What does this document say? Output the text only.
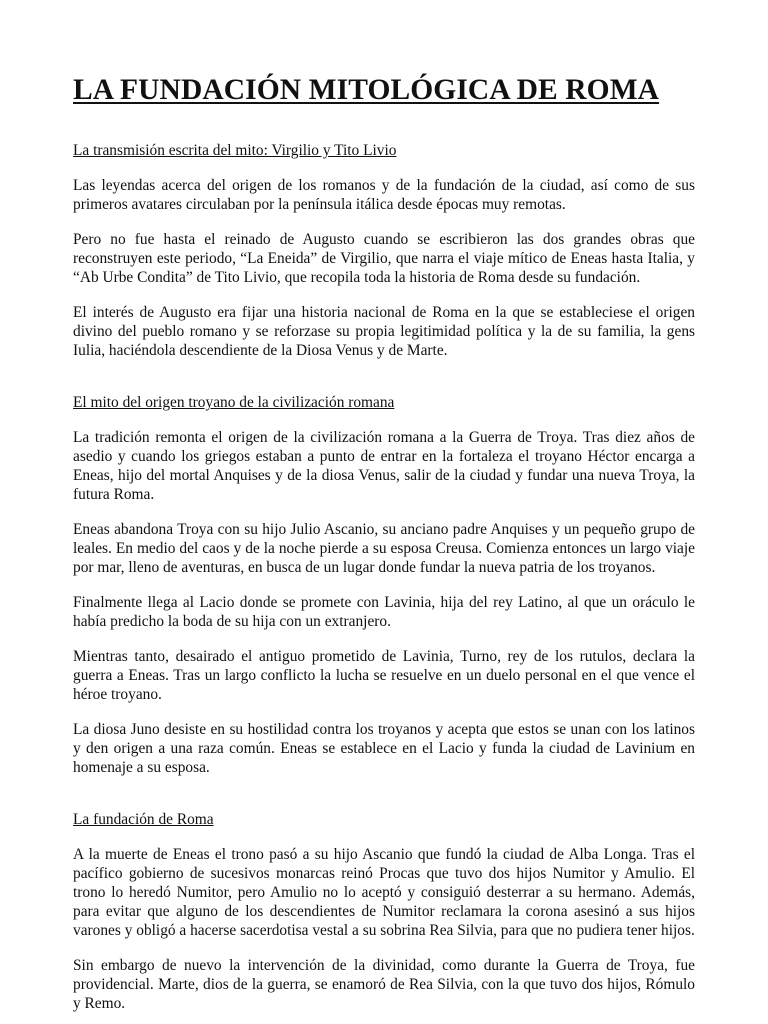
LA FUNDACIÓN MITOLÓGICA DE ROMA

La transmisión escrita del mito: Virgilio y Tito Livio

Las leyendas acerca del origen de los romanos y de la fundación de la ciudad, así como de sus primeros avatares circulaban por la península itálica desde épocas muy remotas.

Pero no fue hasta el reinado de Augusto cuando se escribieron las dos grandes obras que reconstruyen este periodo, “La Eneida” de Virgilio, que narra el viaje mítico de Eneas hasta Italia, y “Ab Urbe Condita” de Tito Livio, que recopila toda la historia de Roma desde su fundación.

El interés de Augusto era fijar una historia nacional de Roma en la que se estableciese el origen divino del pueblo romano y se reforzase su propia legitimidad política y la de su familia, la gens Iulia, haciéndola descendiente de la Diosa Venus y de Marte.

El mito del origen troyano de la civilización romana

La tradición remonta el origen de la civilización romana a la Guerra de Troya. Tras diez años de asedio y cuando los griegos estaban a punto de entrar en la fortaleza el troyano Héctor encarga a Eneas, hijo del mortal Anquises y de la diosa Venus, salir de la ciudad y fundar una nueva Troya, la futura Roma.

Eneas abandona Troya con su hijo Julio Ascanio, su anciano padre Anquises y un pequeño grupo de leales. En medio del caos y de la noche pierde a su esposa Creusa. Comienza entonces un largo viaje por mar, lleno de aventuras, en busca de un lugar donde fundar la nueva patria de los troyanos.

Finalmente llega al Lacio donde se promete con Lavinia, hija del rey Latino, al que un oráculo le había predicho la boda de su hija con un extranjero.

Mientras tanto, desairado el antiguo prometido de Lavinia, Turno, rey de los rutulos, declara la guerra a Eneas. Tras un largo conflicto la lucha se resuelve en un duelo personal en el que vence el héroe troyano.

La diosa Juno desiste en su hostilidad contra los troyanos y acepta que estos se unan con los latinos y den origen a una raza común. Eneas se establece en el Lacio y funda la ciudad de Lavinium en homenaje a su esposa.

La fundación de Roma

A la muerte de Eneas el trono pasó a su hijo Ascanio que fundó la ciudad de Alba Longa. Tras el pacífico gobierno de sucesivos monarcas reinó Procas que tuvo dos hijos Numitor y Amulio. El trono lo heredó Numitor, pero Amulio no lo aceptó y consiguió desterrar a su hermano. Además, para evitar que alguno de los descendientes de Numitor reclamara la corona asesinó a sus hijos varones y obligó a hacerse sacerdotisa vestal a su sobrina Rea Silvia, para que no pudiera tener hijos.

Sin embargo de nuevo la intervención de la divinidad, como durante la Guerra de Troya, fue providencial. Marte, dios de la guerra, se enamoró de Rea Silvia, con la que tuvo dos hijos, Rómulo y Remo.
